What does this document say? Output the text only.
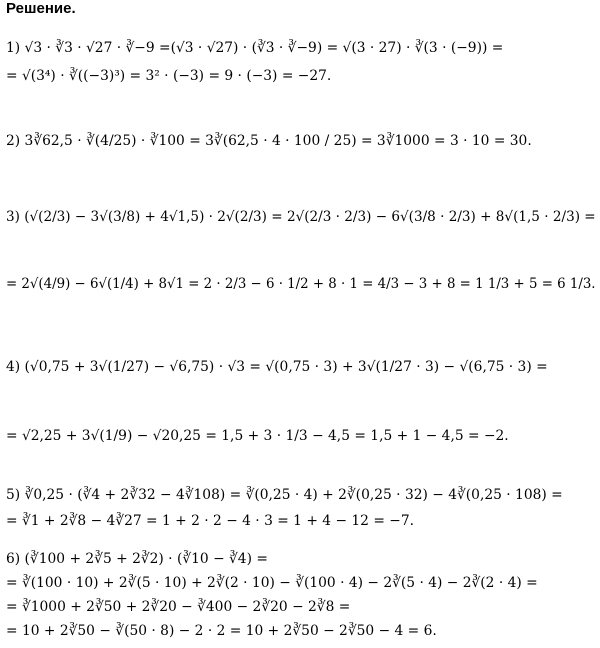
Решение.

1) √3 · ∛3 · √27 · ∛−9 =(√3 · √27) · (∛3 · ∛−9) = √(3 · 27) · ∛(3 · (−9)) =

= √(3⁴) · ∛((−3)³) = 3² · (−3) = 9 · (−3) = −27.

2) 3∛62,5 · ∛(4/25) · ∛100 = 3∛(62,5 · 4 · 100 / 25) = 3∛1000 = 3 · 10 = 30.

3) (√(2/3) − 3√(3/8) + 4√1,5) · 2√(2/3) = 2√(2/3 · 2/3) − 6√(3/8 · 2/3) + 8√(1,5 · 2/3) =

= 2√(4/9) − 6√(1/4) + 8√1 = 2 · 2/3 − 6 · 1/2 + 8 · 1 = 4/3 − 3 + 8 = 1 1/3 + 5 = 6 1/3.

4) (√0,75 + 3√(1/27) − √6,75) · √3 = √(0,75 · 3) + 3√(1/27 · 3) − √(6,75 · 3) =

= √2,25 + 3√(1/9) − √20,25 = 1,5 + 3 · 1/3 − 4,5 = 1,5 + 1 − 4,5 = −2.

5) ∛0,25 · (∛4 + 2∛32 − 4∛108) = ∛(0,25 · 4) + 2∛(0,25 · 32) − 4∛(0,25 · 108) =

= ∛1 + 2∛8 − 4∛27 = 1 + 2 · 2 − 4 · 3 = 1 + 4 − 12 = −7.

6) (∛100 + 2∛5 + 2∛2) · (∛10 − ∛4) =

= ∛(100 · 10) + 2∛(5 · 10) + 2∛(2 · 10) − ∛(100 · 4) − 2∛(5 · 4) − 2∛(2 · 4) =

= ∛1000 + 2∛50 + 2∛20 − ∛400 − 2∛20 − 2∛8 =

= 10 + 2∛50 − ∛(50 · 8) − 2 · 2 = 10 + 2∛50 − 2∛50 − 4 = 6.
